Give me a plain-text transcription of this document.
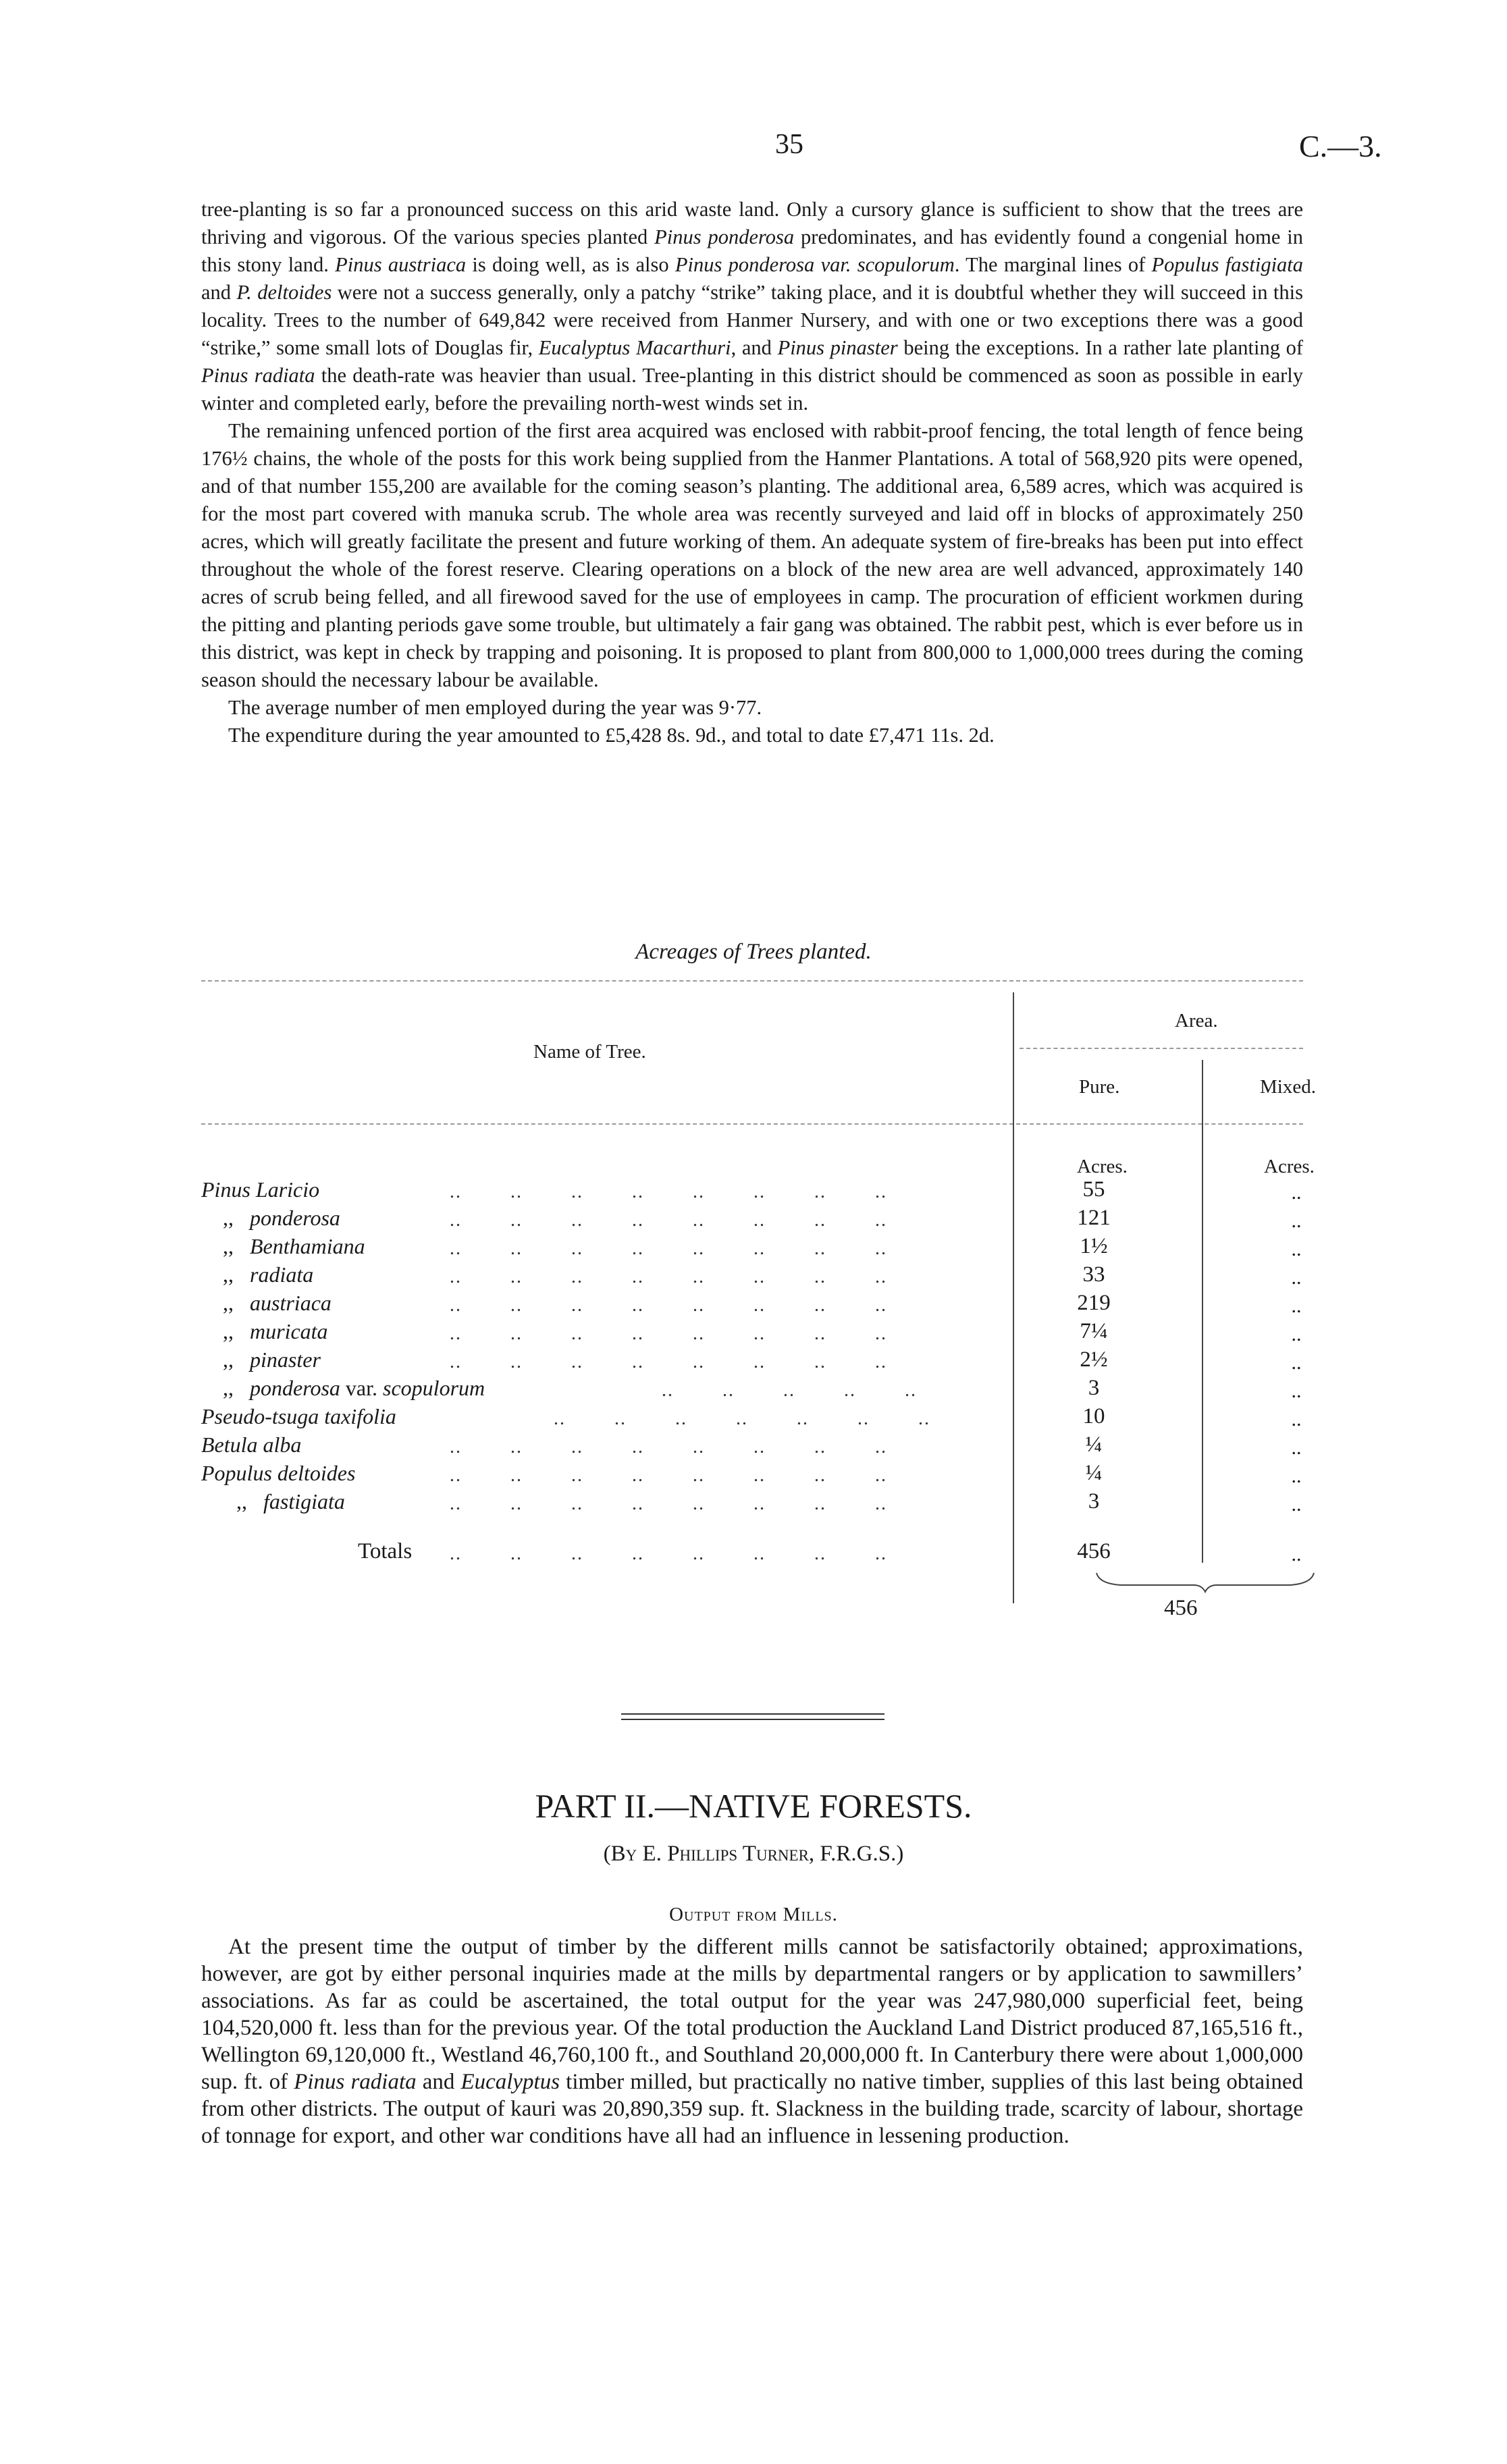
35	C.—3.

tree-planting is so far a pronounced success on this arid waste land. Only a cursory glance is sufficient to show that the trees are thriving and vigorous. Of the various species planted Pinus ponderosa predominates, and has evidently found a congenial home in this stony land. Pinus austriaca is doing well, as is also Pinus ponderosa var. scopulorum. The marginal lines of Populus fastigiata and P. deltoides were not a success generally, only a patchy “strike” taking place, and it is doubtful whether they will succeed in this locality. Trees to the number of 649,842 were received from Hanmer Nursery, and with one or two exceptions there was a good “strike,” some small lots of Douglas fir, Eucalyptus Macarthuri, and Pinus pinaster being the exceptions. In a rather late planting of Pinus radiata the death-rate was heavier than usual. Tree-planting in this district should be commenced as soon as possible in early winter and completed early, before the prevailing north-west winds set in.

The remaining unfenced portion of the first area acquired was enclosed with rabbit-proof fencing, the total length of fence being 176½ chains, the whole of the posts for this work being supplied from the Hanmer Plantations. A total of 568,920 pits were opened, and of that number 155,200 are available for the coming season’s planting. The additional area, 6,589 acres, which was acquired is for the most part covered with manuka scrub. The whole area was recently surveyed and laid off in blocks of approximately 250 acres, which will greatly facilitate the present and future working of them. An adequate system of fire-breaks has been put into effect throughout the whole of the forest reserve. Clearing operations on a block of the new area are well advanced, approximately 140 acres of scrub being felled, and all firewood saved for the use of employees in camp. The procuration of efficient workmen during the pitting and planting periods gave some trouble, but ultimately a fair gang was obtained. The rabbit pest, which is ever before us in this district, was kept in check by trapping and poisoning. It is proposed to plant from 800,000 to 1,000,000 trees during the coming season should the necessary labour be available.

The average number of men employed during the year was 9·77.

The expenditure during the year amounted to £5,428 8s. 9d., and total to date £7,471 11s. 2d.

Acreages of Trees planted.
Name of Tree.
Area.
Pure.	Mixed.
Acres.	Acres.
Pinus Laricio	..        ..        ..        ..        ..        ..        ..        ..	55	..
,,   ponderosa	..        ..        ..        ..        ..        ..        ..        ..	121	..
,,   Benthamiana	..        ..        ..        ..        ..        ..        ..        ..	1½	..
,,   radiata	..        ..        ..        ..        ..        ..        ..        ..	33	..
,,   austriaca	..        ..        ..        ..        ..        ..        ..        ..	219	..
,,   muricata	..        ..        ..        ..        ..        ..        ..        ..	7¼	..
,,   pinaster	..        ..        ..        ..        ..        ..        ..        ..	2½	..
,,   ponderosa var. scopulorum	..        ..        ..        ..        ..	3	..
Pseudo-tsuga taxifolia	..        ..        ..        ..        ..        ..        ..	10	..
Betula alba	..        ..        ..        ..        ..        ..        ..        ..	¼	..
Populus deltoides	..        ..        ..        ..        ..        ..        ..        ..	¼	..
,,   fastigiata	..        ..        ..        ..        ..        ..        ..        ..	3	..
Totals ..        ..        ..        ..        ..        ..        ..        ..	456	..
456
PART II.—NATIVE FORESTS.
(By E. Phillips Turner, F.R.G.S.)
Output from Mills.

At the present time the output of timber by the different mills cannot be satisfactorily obtained; approximations, however, are got by either personal inquiries made at the mills by departmental rangers or by application to sawmillers’ associations. As far as could be ascertained, the total output for the year was 247,980,000 superficial feet, being 104,520,000 ft. less than for the previous year. Of the total production the Auckland Land District produced 87,165,516 ft., Wellington 69,120,000 ft., Westland 46,760,100 ft., and Southland 20,000,000 ft. In Canterbury there were about 1,000,000 sup. ft. of Pinus radiata and Eucalyptus timber milled, but practically no native timber, supplies of this last being obtained from other districts. The output of kauri was 20,890,359 sup. ft. Slackness in the building trade, scarcity of labour, shortage of tonnage for export, and other war conditions have all had an influence in lessening production.
